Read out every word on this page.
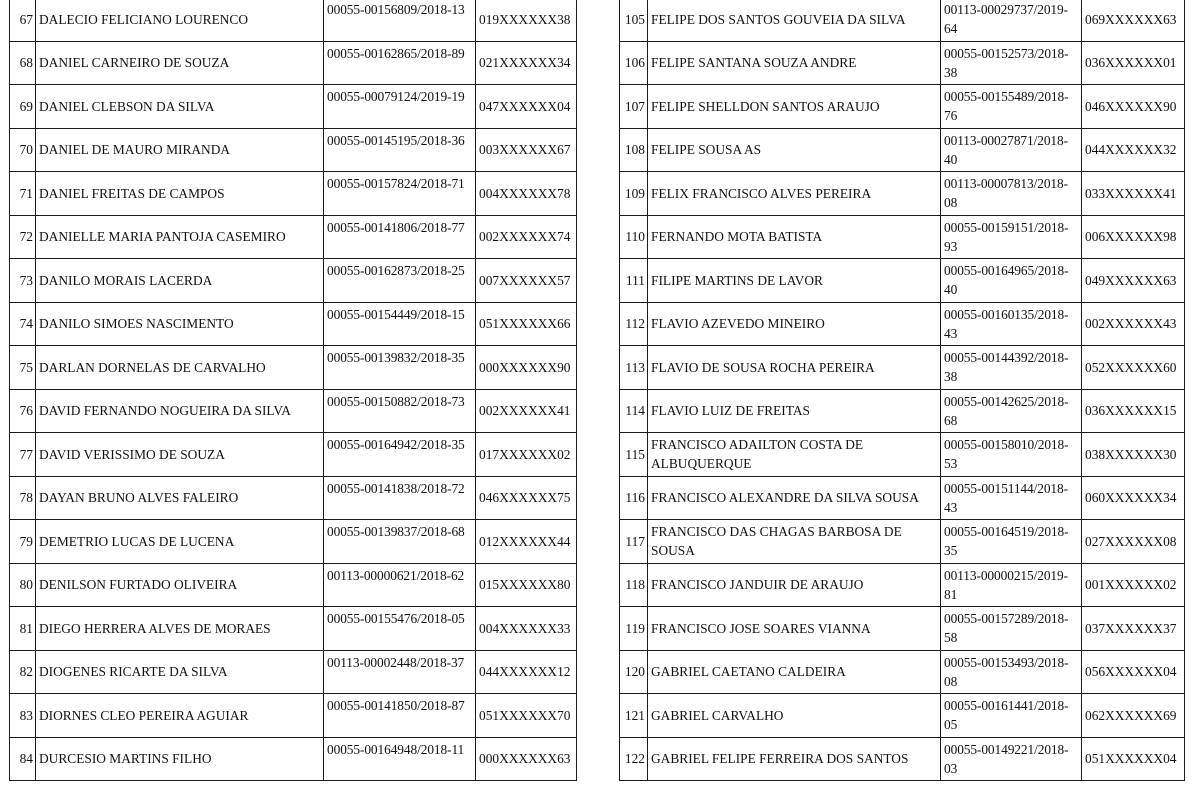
67	DALECIO FELICIANO LOURENCO	00055-00156809/2018-13	019XXXXXX38
68	DANIEL CARNEIRO DE SOUZA	00055-00162865/2018-89	021XXXXXX34
69	DANIEL CLEBSON DA SILVA	00055-00079124/2019-19	047XXXXXX04
70	DANIEL DE MAURO MIRANDA	00055-00145195/2018-36	003XXXXXX67
71	DANIEL FREITAS DE CAMPOS	00055-00157824/2018-71	004XXXXXX78
72	DANIELLE MARIA PANTOJA CASEMIRO	00055-00141806/2018-77	002XXXXXX74
73	DANILO MORAIS LACERDA	00055-00162873/2018-25	007XXXXXX57
74	DANILO SIMOES NASCIMENTO	00055-00154449/2018-15	051XXXXXX66
75	DARLAN DORNELAS DE CARVALHO	00055-00139832/2018-35	000XXXXXX90
76	DAVID FERNANDO NOGUEIRA DA SILVA	00055-00150882/2018-73	002XXXXXX41
77	DAVID VERISSIMO DE SOUZA	00055-00164942/2018-35	017XXXXXX02
78	DAYAN BRUNO ALVES FALEIRO	00055-00141838/2018-72	046XXXXXX75
79	DEMETRIO LUCAS DE LUCENA	00055-00139837/2018-68	012XXXXXX44
80	DENILSON FURTADO OLIVEIRA	00113-00000621/2018-62	015XXXXXX80
81	DIEGO HERRERA ALVES DE MORAES	00055-00155476/2018-05	004XXXXXX33
82	DIOGENES RICARTE DA SILVA	00113-00002448/2018-37	044XXXXXX12
83	DIORNES CLEO PEREIRA AGUIAR	00055-00141850/2018-87	051XXXXXX70
84	DURCESIO MARTINS FILHO	00055-00164948/2018-11	000XXXXXX63
105	FELIPE DOS SANTOS GOUVEIA DA SILVA	00113-00029737/2019-64	069XXXXXX63
106	FELIPE SANTANA SOUZA ANDRE	00055-00152573/2018-38	036XXXXXX01
107	FELIPE SHELLDON SANTOS ARAUJO	00055-00155489/2018-76	046XXXXXX90
108	FELIPE SOUSA AS	00113-00027871/2018-40	044XXXXXX32
109	FELIX FRANCISCO ALVES PEREIRA	00113-00007813/2018-08	033XXXXXX41
110	FERNANDO MOTA BATISTA	00055-00159151/2018-93	006XXXXXX98
111	FILIPE MARTINS DE LAVOR	00055-00164965/2018-40	049XXXXXX63
112	FLAVIO AZEVEDO MINEIRO	00055-00160135/2018-43	002XXXXXX43
113	FLAVIO DE SOUSA ROCHA PEREIRA	00055-00144392/2018-38	052XXXXXX60
114	FLAVIO LUIZ DE FREITAS	00055-00142625/2018-68	036XXXXXX15
115	FRANCISCO ADAILTON COSTA DE ALBUQUERQUE	00055-00158010/2018-53	038XXXXXX30
116	FRANCISCO ALEXANDRE DA SILVA SOUSA	00055-00151144/2018-43	060XXXXXX34
117	FRANCISCO DAS CHAGAS BARBOSA DE SOUSA	00055-00164519/2018-35	027XXXXXX08
118	FRANCISCO JANDUIR DE ARAUJO	00113-00000215/2019-81	001XXXXXX02
119	FRANCISCO JOSE SOARES VIANNA	00055-00157289/2018-58	037XXXXXX37
120	GABRIEL CAETANO CALDEIRA	00055-00153493/2018-08	056XXXXXX04
121	GABRIEL CARVALHO	00055-00161441/2018-05	062XXXXXX69
122	GABRIEL FELIPE FERREIRA DOS SANTOS	00055-00149221/2018-03	051XXXXXX04
